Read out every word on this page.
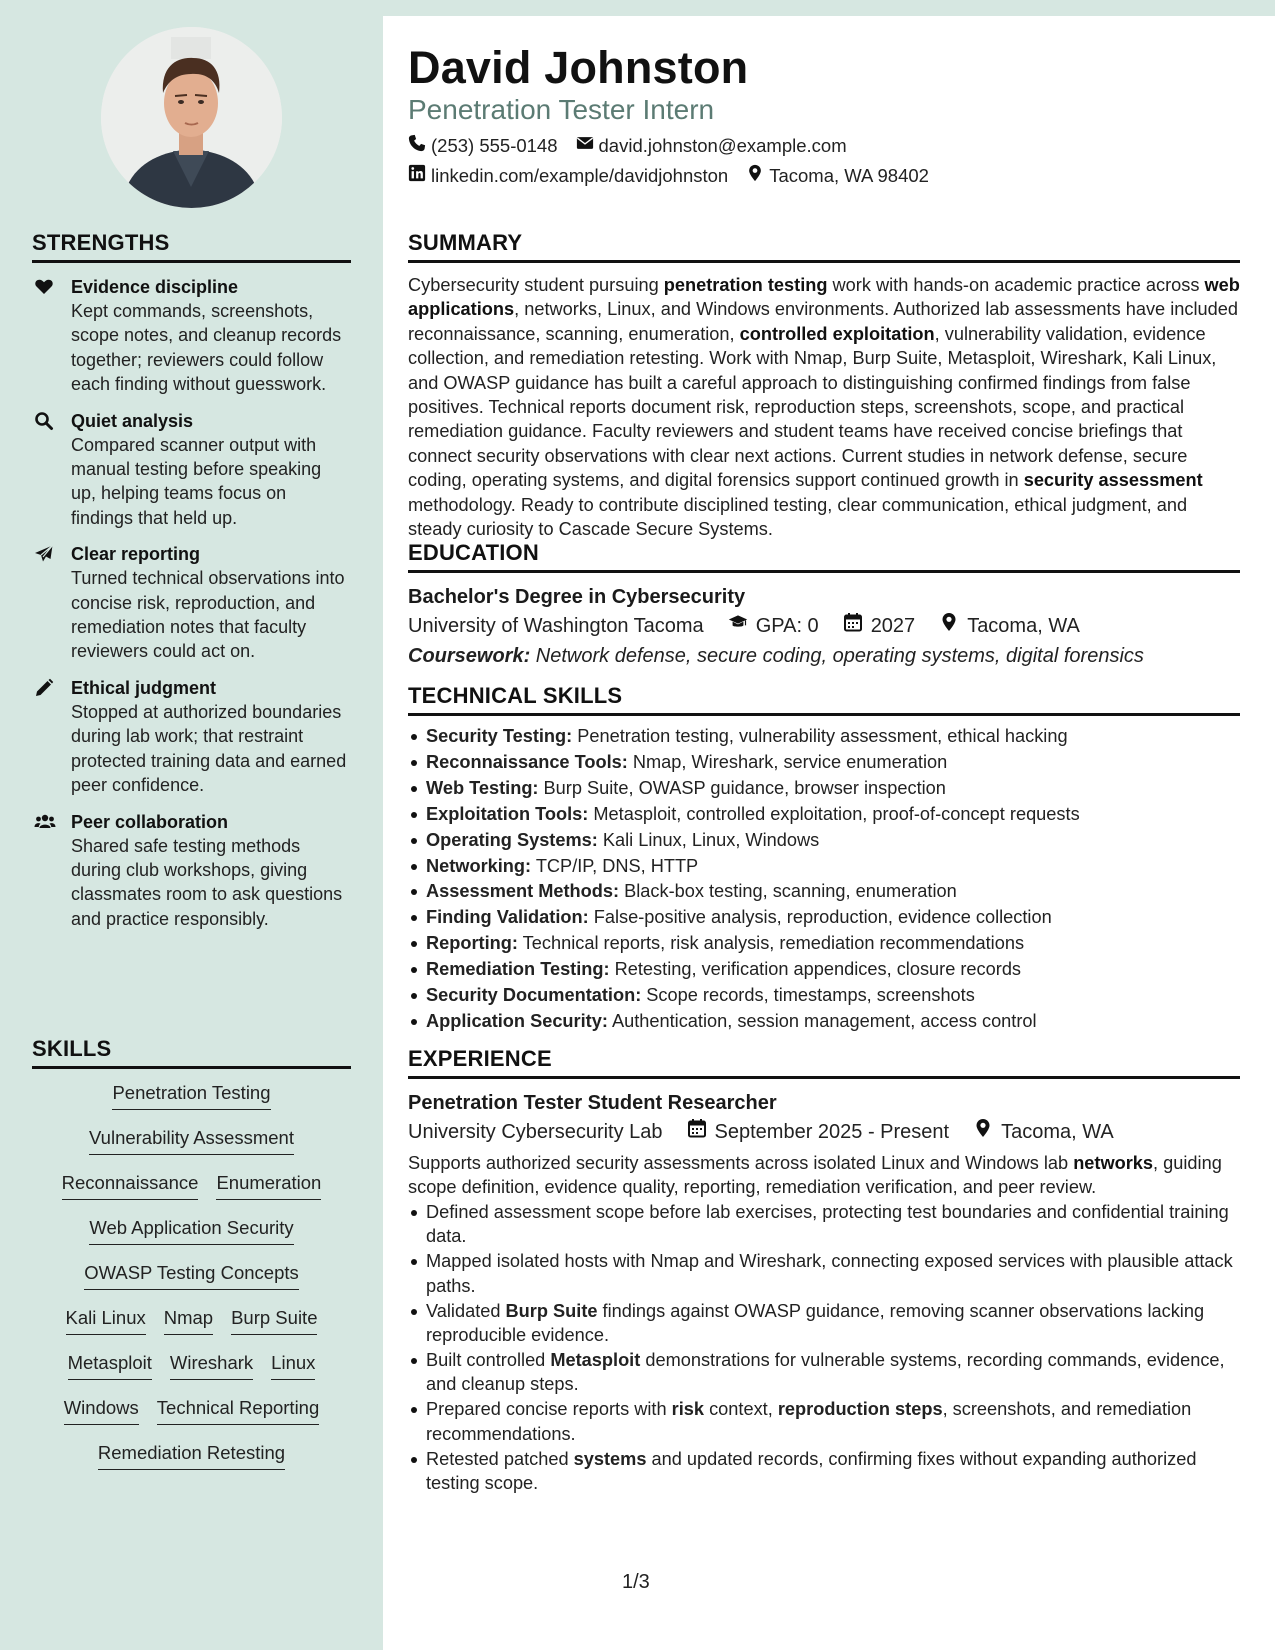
STRENGTHS
Evidence discipline
Kept commands, screenshots, scope notes, and cleanup records together; reviewers could follow each finding without guesswork.
Quiet analysis
Compared scanner output with manual testing before speaking up, helping teams focus on findings that held up.
Clear reporting
Turned technical observations into concise risk, reproduction, and remediation notes that faculty reviewers could act on.
Ethical judgment
Stopped at authorized boundaries during lab work; that restraint protected training data and earned peer confidence.
Peer collaboration
Shared safe testing methods during club workshops, giving classmates room to ask questions and practice responsibly.
SKILLS
Penetration Testing
Vulnerability Assessment
Reconnaissance Enumeration
Web Application Security
OWASP Testing Concepts
Kali Linux Nmap Burp Suite
Metasploit Wireshark Linux
Windows Technical Reporting
Remediation Retesting
David Johnston
Penetration Tester Intern
(253) 555-0148 david.johnston@example.com
linkedin.com/example/davidjohnston Tacoma, WA 98402
SUMMARY
Cybersecurity student pursuing penetration testing work with hands-on academic practice across web applications, networks, Linux, and Windows environments. Authorized lab assessments have included reconnaissance, scanning, enumeration, controlled exploitation, vulnerability validation, evidence collection, and remediation retesting. Work with Nmap, Burp Suite, Metasploit, Wireshark, Kali Linux, and OWASP guidance has built a careful approach to distinguishing confirmed findings from false positives. Technical reports document risk, reproduction steps, screenshots, scope, and practical remediation guidance. Faculty reviewers and student teams have received concise briefings that connect security observations with clear next actions. Current studies in network defense, secure coding, operating systems, and digital forensics support continued growth in security assessment methodology. Ready to contribute disciplined testing, clear communication, ethical judgment, and steady curiosity to Cascade Secure Systems.
EDUCATION
Bachelor's Degree in Cybersecurity
University of Washington Tacoma	GPA: 0	2027	Tacoma, WA
Coursework: Network defense, secure coding, operating systems, digital forensics
TECHNICAL SKILLS
Security Testing: Penetration testing, vulnerability assessment, ethical hacking
Reconnaissance Tools: Nmap, Wireshark, service enumeration
Web Testing: Burp Suite, OWASP guidance, browser inspection
Exploitation Tools: Metasploit, controlled exploitation, proof-of-concept requests
Operating Systems: Kali Linux, Linux, Windows
Networking: TCP/IP, DNS, HTTP
Assessment Methods: Black-box testing, scanning, enumeration
Finding Validation: False-positive analysis, reproduction, evidence collection
Reporting: Technical reports, risk analysis, remediation recommendations
Remediation Testing: Retesting, verification appendices, closure records
Security Documentation: Scope records, timestamps, screenshots
Application Security: Authentication, session management, access control
EXPERIENCE
Penetration Tester Student Researcher
University Cybersecurity Lab	September 2025 - Present	Tacoma, WA
Supports authorized security assessments across isolated Linux and Windows lab networks, guiding scope definition, evidence quality, reporting, remediation verification, and peer review.
Defined assessment scope before lab exercises, protecting test boundaries and confidential training data.
Mapped isolated hosts with Nmap and Wireshark, connecting exposed services with plausible attack paths.
Validated Burp Suite findings against OWASP guidance, removing scanner observations lacking reproducible evidence.
Built controlled Metasploit demonstrations for vulnerable systems, recording commands, evidence, and cleanup steps.
Prepared concise reports with risk context, reproduction steps, screenshots, and remediation recommendations.
Retested patched systems and updated records, confirming fixes without expanding authorized testing scope.
1/3
